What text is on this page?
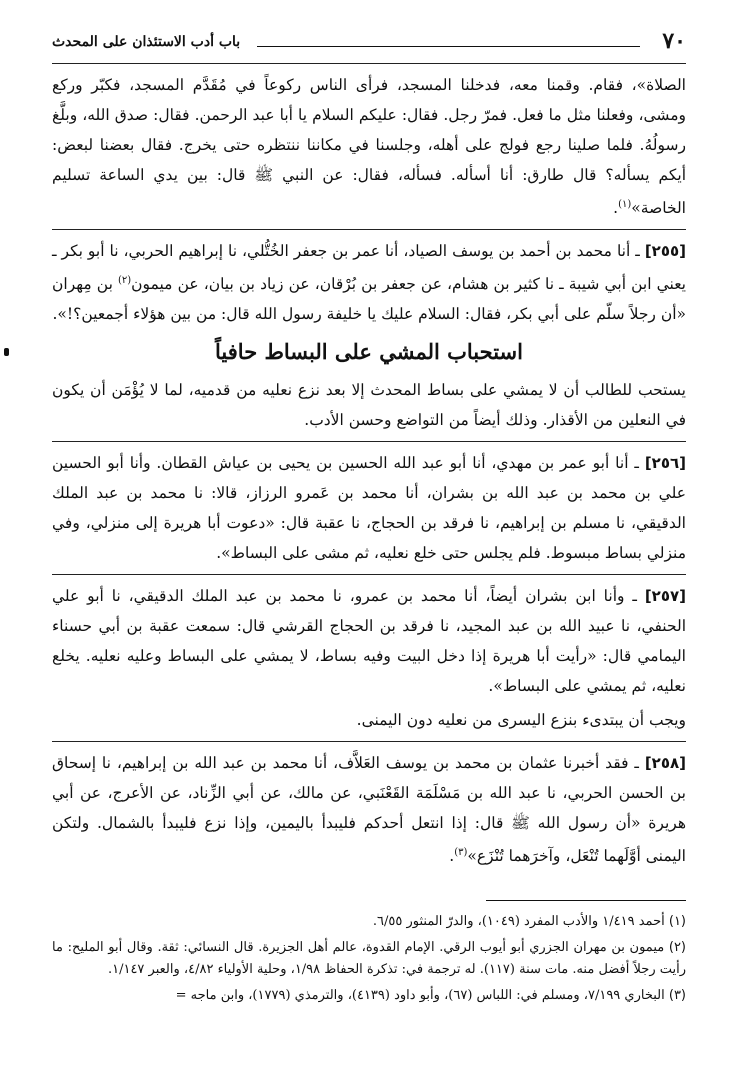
٧٠
باب أدب الاستئذان على المحدث

الصلاة»، فقام. وقمنا معه، فدخلنا المسجد، فرأى الناس ركوعاً في مُقَدَّم المسجد، فكبّر وركع ومشى، وفعلنا مثل ما فعل. فمرّ رجل. فقال: عليكم السلام يا أبا عبد الرحمن. فقال: صدق الله، وبلَّغ رسولُهُ. فلما صلينا رجع فولج على أهله، وجلسنا في مكاننا ننتظره حتى يخرج. فقال بعضنا لبعض: أيكم يسأله؟ قال طارق: أنا أسأله. فسأله، فقال: عن النبي ﷺ قال: بين يدي الساعة تسليم الخاصة»$^{(١)}$.

[٢٥٥] ـ أنا محمد بن أحمد بن يوسف الصياد، أنا عمر بن جعفر الخُتُّلي، نا إبراهيم الحربي، نا أبو بكر ـ يعني ابن أبي شيبة ـ نا كثير بن هشام، عن جعفر بن بُرْقان، عن زياد بن بيان، عن ميمون$^{(٢)}$ بن مِهران «أن رجلاً سلّم على أبي بكر، فقال: السلام عليك يا خليفة رسول الله قال: من بين هؤلاء أجمعين؟!».

استحباب المشي على البساط حافياً

يستحب للطالب أن لا يمشي على بساط المحدث إلا بعد نزع نعليه من قدميه، لما لا يُؤْمَن أن يكون في النعلين من الأقذار. وذلك أيضاً من التواضع وحسن الأدب.

[٢٥٦] ـ أنا أبو عمر بن مهدي، أنا أبو عبد الله الحسين بن يحيى بن عياش القطان. وأنا أبو الحسين علي بن محمد بن عبد الله بن بشران، أنا محمد بن عَمرو الرزاز، قالا: نا محمد بن عبد الملك الدقيقي، نا مسلم بن إبراهيم، نا فرقد بن الحجاج، نا عقبة قال: «دعوت أبا هريرة إلى منزلي، وفي منزلي بساط مبسوط. فلم يجلس حتى خلع نعليه، ثم مشى على البساط».

[٢٥٧] ـ وأنا ابن بشران أيضاً، أنا محمد بن عمرو، نا محمد بن عبد الملك الدقيقي، نا أبو علي الحنفي، نا عبيد الله بن عبد المجيد، نا فرقد بن الحجاج القرشي قال: سمعت عقبة بن أبي حسناء اليمامي قال: «رأيت أبا هريرة إذا دخل البيت وفيه بساط، لا يمشي على البساط وعليه نعليه. يخلع نعليه، ثم يمشي على البساط».

ويجب أن يبتدىء بنزع اليسرى من نعليه دون اليمنى.

[٢٥٨] ـ فقد أخبرنا عثمان بن محمد بن يوسف العَلاَّف، أنا محمد بن عبد الله بن إبراهيم، نا إسحاق بن الحسن الحربي، نا عبد الله بن مَسْلَمَة القَعْنَبي، عن مالك، عن أبي الزِّناد، عن الأعرج، عن أبي هريرة «أن رسول الله ﷺ قال: إذا انتعل أحدكم فليبدأ باليمين، وإذا نزع فليبدأ بالشمال. ولتكن اليمنى أوَّلَهما تُنْعَل، وآخرَهما تُنْزَع»$^{(٣)}$.

(١) أحمد ١/٤١٩ والأدب المفرد (١٠٤٩)، والدرّ المنثور ٦/٥٥.

(٢) ميمون بن مهران الجزري أبو أيوب الرقي. الإمام القدوة، عالم أهل الجزيرة. قال النسائي: ثقة. وقال أبو المليح: ما رأيت رجلاً أفضل منه. مات سنة (١١٧). له ترجمة في: تذكرة الحفاظ ١/٩٨، وحلية الأولياء ٤/٨٢، والعبر ١/١٤٧.

(٣) البخاري ٧/١٩٩، ومسلم في: اللباس (٦٧)، وأبو داود (٤١٣٩)، والترمذي (١٧٧٩)، وابن ماجه =
